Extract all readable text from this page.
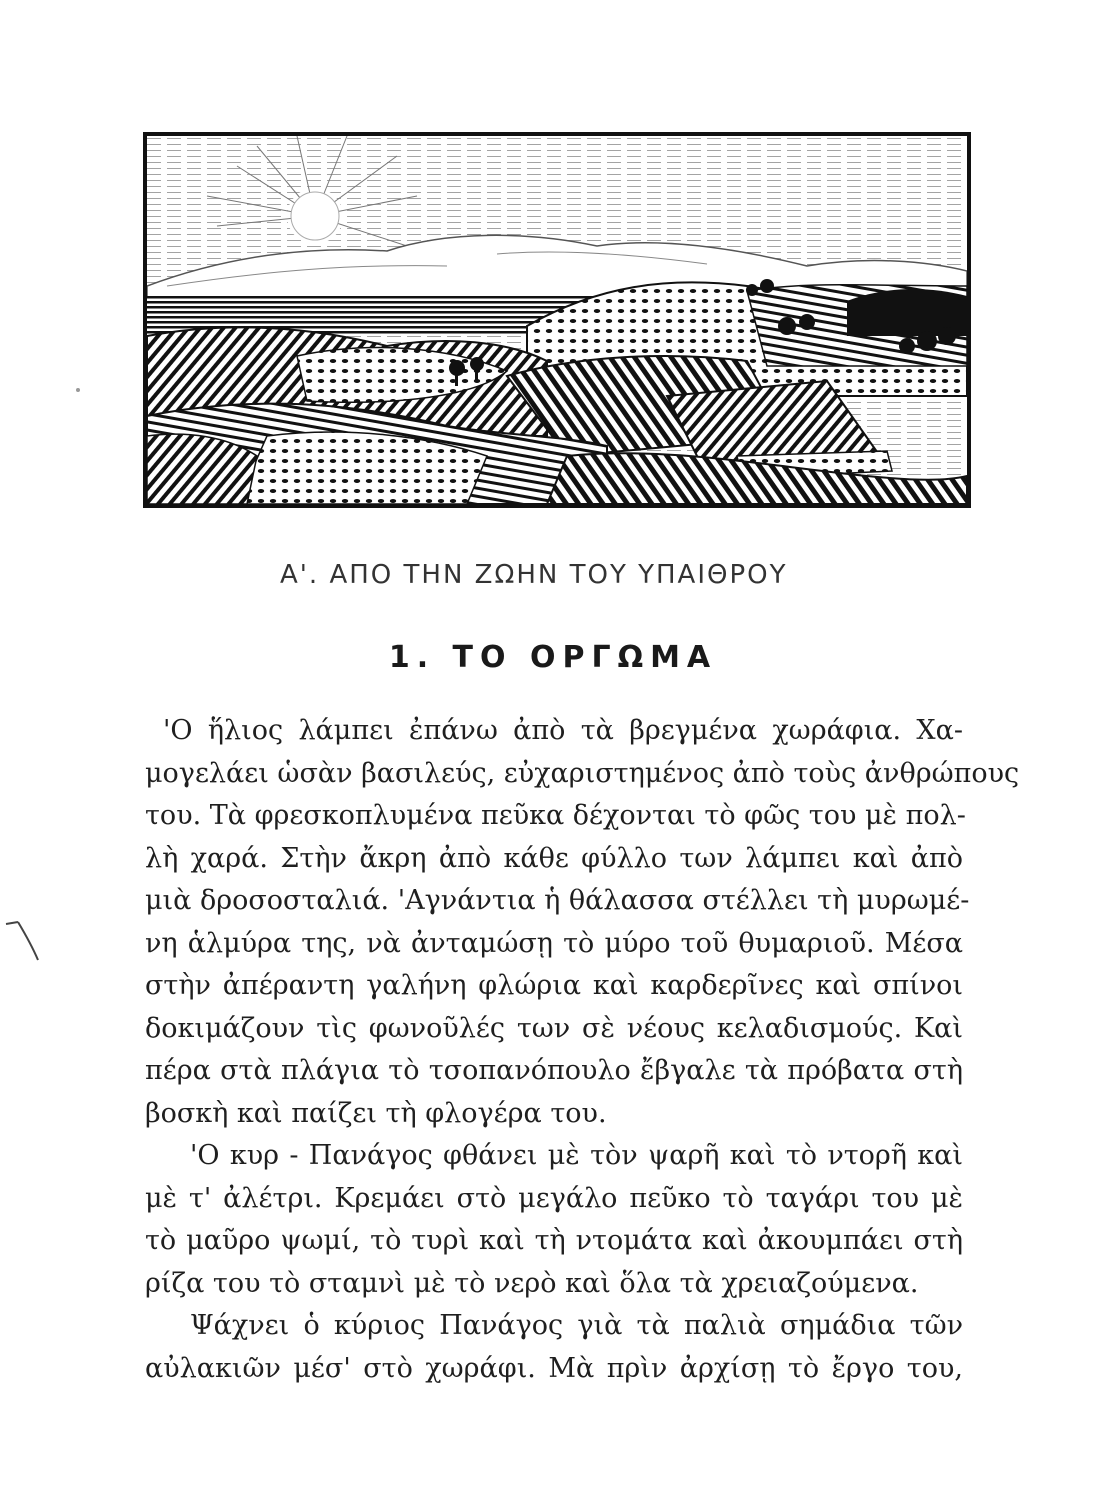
Α'. ΑΠΟ ΤΗΝ ΖΩΗΝ ΤΟΥ ΥΠΑΙΘΡΟΥ
1. ΤΟ ΟΡΓΩΜΑ
'Ο ἥλιος λάμπει ἐπάνω ἀπὸ τὰ βρεγμένα χωράφια. Χα-
μογελάει ὡσὰν βασιλεύς, εὐχαριστημένος ἀπὸ τοὺς ἀνθρώπους
του. Τὰ φρεσκοπλυμένα πεῦκα δέχονται τὸ φῶς του μὲ πολ-
λὴ χαρά. Στὴν ἄκρη ἀπὸ κάθε φύλλο των λάμπει καὶ ἀπὸ
μιὰ δροσοσταλιά. 'Αγνάντια ἡ θάλασσα στέλλει τὴ μυρωμέ-
νη ἁλμύρα της, νὰ ἀνταμώσῃ τὸ μύρο τοῦ θυμαριοῦ. Μέσα
στὴν ἀπέραντη γαλήνη φλώρια καὶ καρδερῖνες καὶ σπίνοι
δοκιμάζουν τὶς φωνοῦλές των σὲ νέους κελαδισμούς. Καὶ
πέρα στὰ πλάγια τὸ τσοπανόπουλο ἔβγαλε τὰ πρόβατα στὴ
βοσκὴ καὶ παίζει τὴ φλογέρα του.
'Ο κυρ - Πανάγος φθάνει μὲ τὸν ψαρῆ καὶ τὸ ντορῆ καὶ
μὲ τ' ἀλέτρι. Κρεμάει στὸ μεγάλο πεῦκο τὸ ταγάρι του μὲ
τὸ μαῦρο ψωμί, τὸ τυρὶ καὶ τὴ ντομάτα καὶ ἀκουμπάει στὴ
ρίζα του τὸ σταμνὶ μὲ τὸ νερὸ καὶ ὅλα τὰ χρειαζούμενα.
Ψάχνει ὁ κύριος Πανάγος γιὰ τὰ παλιὰ σημάδια τῶν
αὐλακιῶν μέσ' στὸ χωράφι. Μὰ πρὶν ἀρχίσῃ τὸ ἔργο του,
